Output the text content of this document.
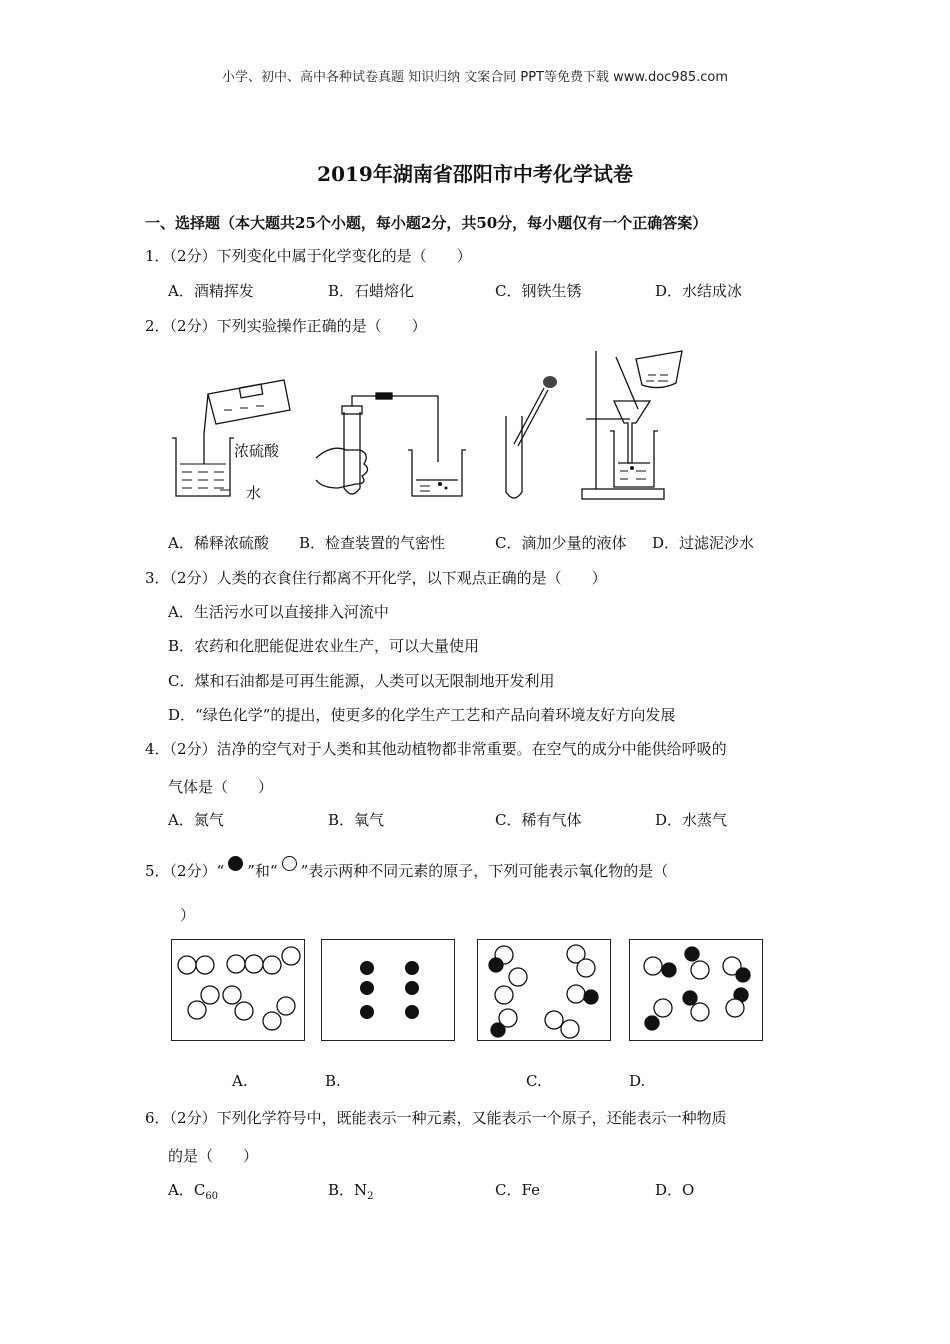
小学、初中、高中各种试卷真题 知识归纳 文案合同 PPT等免费下载 www.doc985.com
2019年湖南省邵阳市中考化学试卷
一、选择题（本大题共25个小题，每小题2分，共50分，每小题仅有一个正确答案）
1．（2分）下列变化中属于化学变化的是（　　）
A．酒精挥发	B．石蜡熔化	C．钢铁生锈	D．水结成冰
2．（2分）下列实验操作正确的是（　　）
浓硫酸
水
A．稀释浓硫酸 B．检查装置的气密性	C．滴加少量的液体 D．过滤泥沙水
3．（2分）人类的衣食住行都离不开化学，以下观点正确的是（　　）
A．生活污水可以直接排入河流中
B．农药和化肥能促进农业生产，可以大量使用
C．煤和石油都是可再生能源，人类可以无限制地开发利用
D．“绿色化学”的提出，使更多的化学生产工艺和产品向着环境友好方向发展
4．（2分）洁净的空气对于人类和其他动植物都非常重要。在空气的成分中能供给呼吸的
气体是（　　）
A．氮气	B．氧气	C．稀有气体	D．水蒸气
5．（2分）“ ”和“ ”表示两种不同元素的原子，下列可能表示氧化物的是（
）
A.	B.	C.	D.
6．（2分）下列化学符号中，既能表示一种元素，又能表示一个原子，还能表示一种物质
的是（　　）
A．$C_{60}$	B．$N_2$	C．Fe	D．O
